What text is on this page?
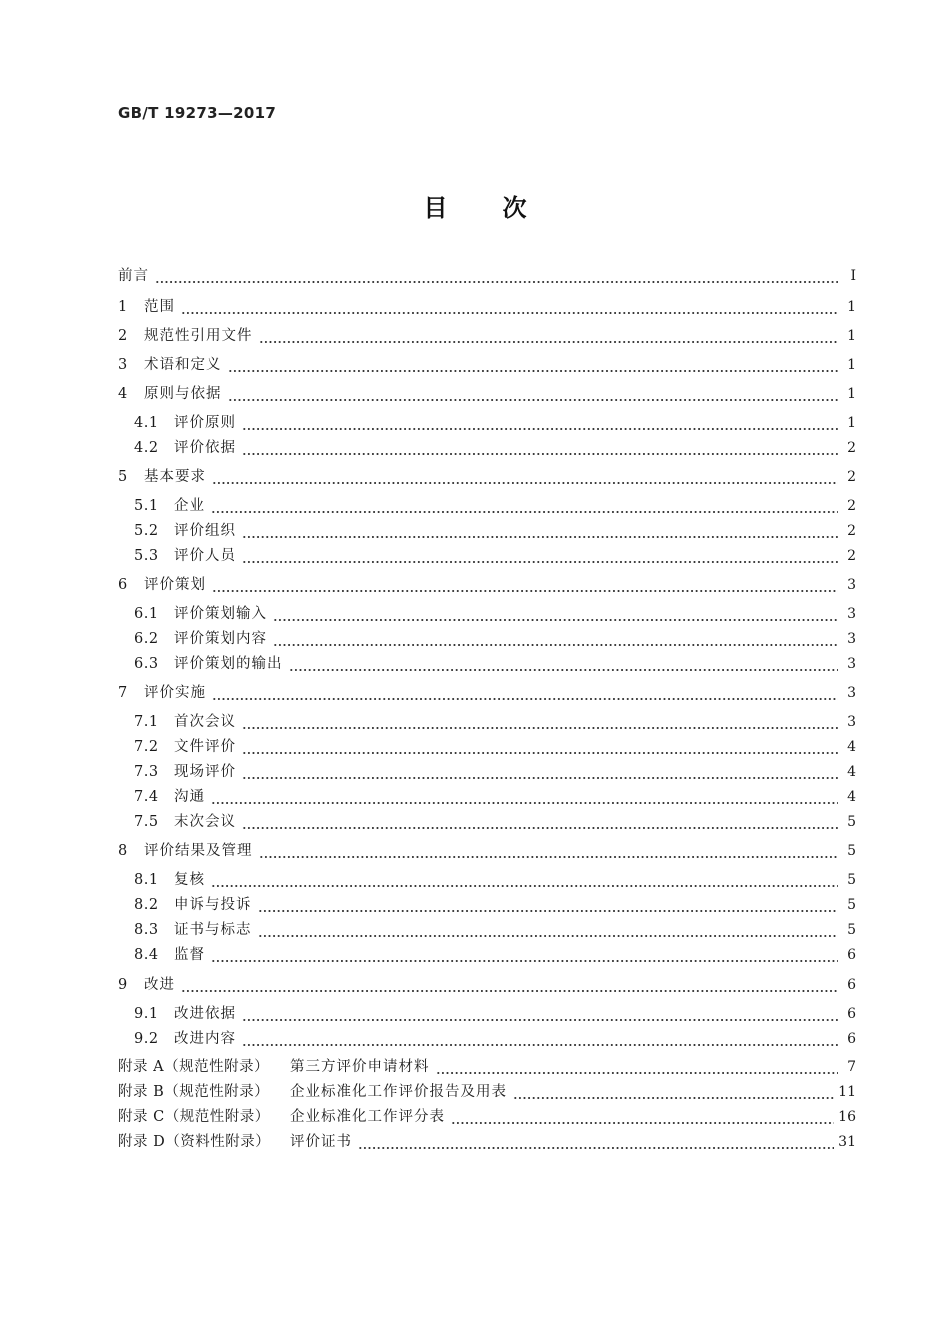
GB/T 19273—2017
目 次
前言	Ⅰ
1	范围	1
2	规范性引用文件	1
3	术语和定义	1
4	原则与依据	1
4.1	评价原则	1
4.2	评价依据	2
5	基本要求	2
5.1	企业	2
5.2	评价组织	2
5.3	评价人员	2
6	评价策划	3
6.1	评价策划输入	3
6.2	评价策划内容	3
6.3	评价策划的输出	3
7	评价实施	3
7.1	首次会议	3
7.2	文件评价	4
7.3	现场评价	4
7.4	沟通	4
7.5	末次会议	5
8	评价结果及管理	5
8.1	复核	5
8.2	申诉与投诉	5
8.3	证书与标志	5
8.4	监督	6
9	改进	6
9.1	改进依据	6
9.2	改进内容	6
附录 A（规范性附录）	第三方评价申请材料	7
附录 B（规范性附录）	企业标准化工作评价报告及用表	11
附录 C（规范性附录）	企业标准化工作评分表	16
附录 D（资料性附录）	评价证书	31
